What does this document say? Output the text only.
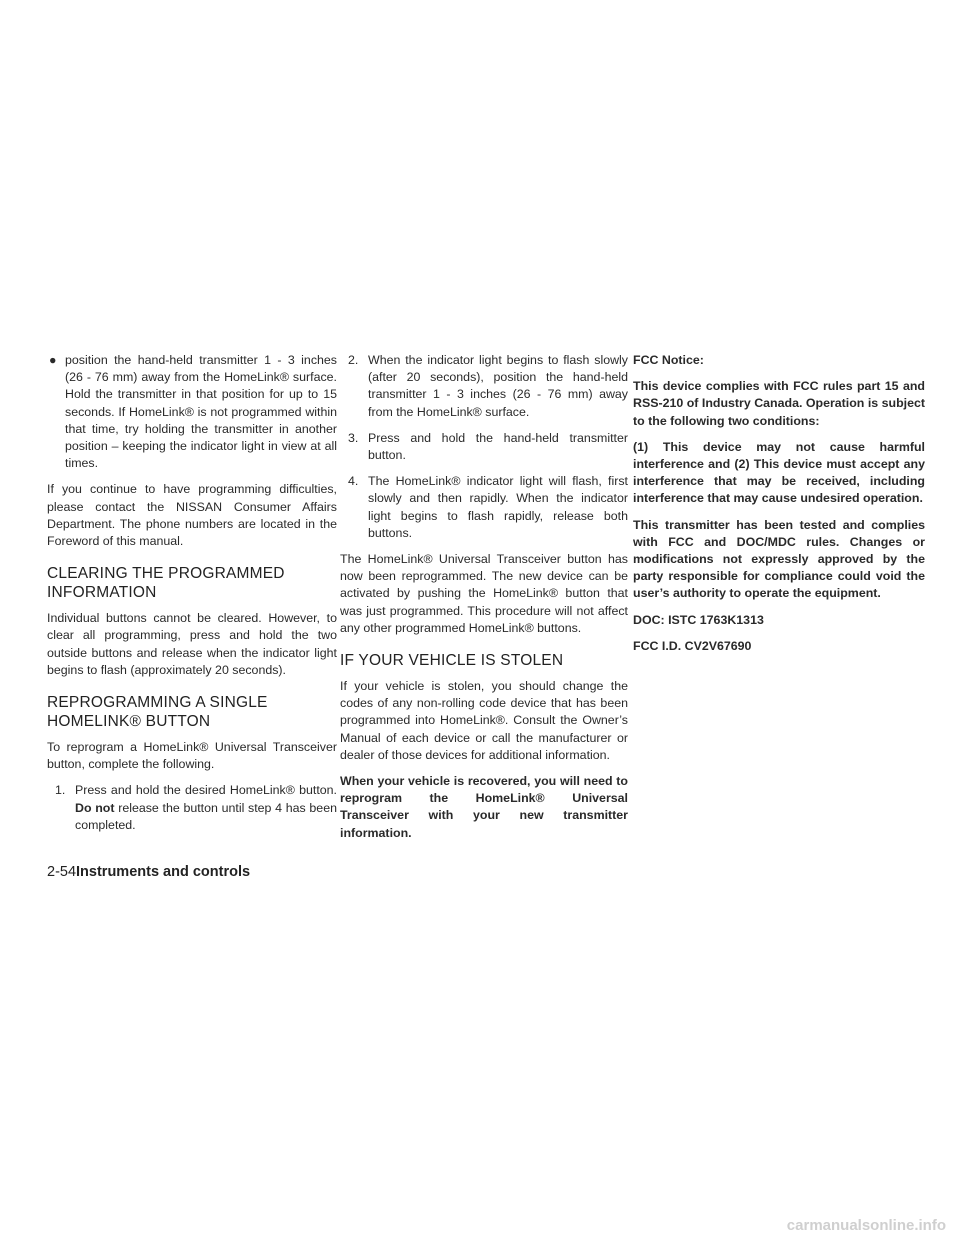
● position the hand-held transmitter 1 - 3 inches (26 - 76 mm) away from the HomeLink® surface. Hold the transmitter in that position for up to 15 seconds. If HomeLink® is not programmed within that time, try holding the transmitter in another position – keeping the indicator light in view at all times.

If you continue to have programming difficulties, please contact the NISSAN Consumer Affairs Department. The phone numbers are located in the Foreword of this manual.

CLEARING THE PROGRAMMED INFORMATION

Individual buttons cannot be cleared. However, to clear all programming, press and hold the two outside buttons and release when the indicator light begins to flash (approximately 20 seconds).

REPROGRAMMING A SINGLE HOMELINK® BUTTON

To reprogram a HomeLink® Universal Transceiver button, complete the following.

1. Press and hold the desired HomeLink® button. Do not release the button until step 4 has been completed.
2. When the indicator light begins to flash slowly (after 20 seconds), position the hand-held transmitter 1 - 3 inches (26 - 76 mm) away from the HomeLink® surface.
3. Press and hold the hand-held transmitter button.
4. The HomeLink® indicator light will flash, first slowly and then rapidly. When the indicator light begins to flash rapidly, release both buttons.

The HomeLink® Universal Transceiver button has now been reprogrammed. The new device can be activated by pushing the HomeLink® button that was just programmed. This procedure will not affect any other programmed HomeLink® buttons.

IF YOUR VEHICLE IS STOLEN

If your vehicle is stolen, you should change the codes of any non-rolling code device that has been programmed into HomeLink®. Consult the Owner’s Manual of each device or call the manufacturer or dealer of those devices for additional information.

When your vehicle is recovered, you will need to reprogram the HomeLink® Universal Transceiver with your new transmitter information.

FCC Notice:

This device complies with FCC rules part 15 and RSS-210 of Industry Canada. Operation is subject to the following two conditions:

(1) This device may not cause harmful interference and (2) This device must accept any interference that may be received, including interference that may cause undesired operation.

This transmitter has been tested and complies with FCC and DOC/MDC rules. Changes or modifications not expressly approved by the party responsible for compliance could void the user’s authority to operate the equipment.

DOC: ISTC 1763K1313

FCC I.D. CV2V67690

2-54Instruments and controls
carmanualsonline.info
